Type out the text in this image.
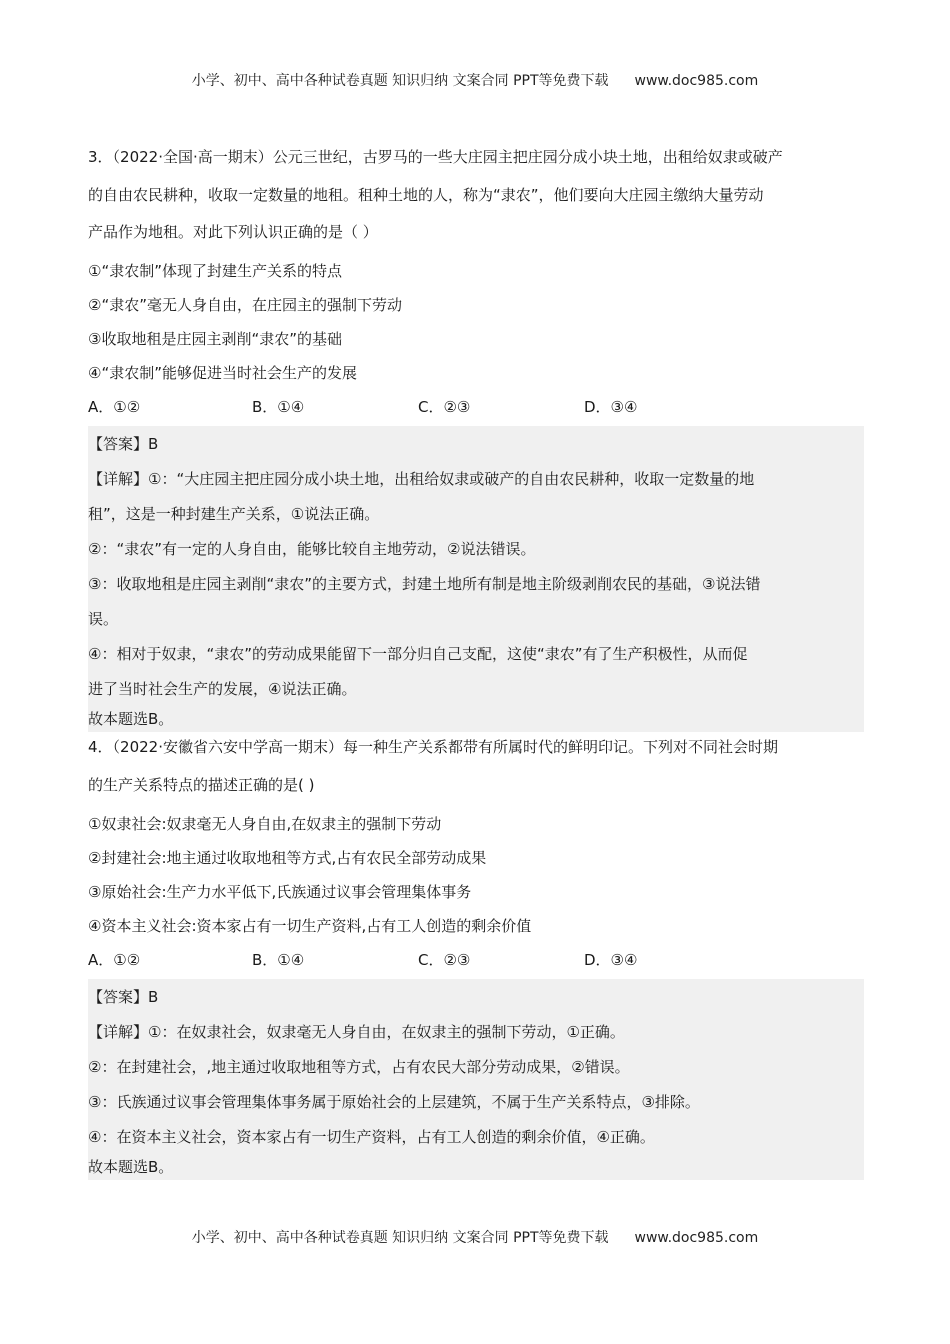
小学、初中、高中各种试卷真题 知识归纳 文案合同 PPT等免费下载 www.doc985.com
3．（2022·全国·高一期末）公元三世纪，古罗马的一些大庄园主把庄园分成小块土地，出租给奴隶或破产
的自由农民耕种，收取一定数量的地租。租种土地的人，称为“隶农”，他们要向大庄园主缴纳大量劳动
产品作为地租。对此下列认识正确的是（ ）
①“隶农制”体现了封建生产关系的特点
②“隶农”毫无人身自由，在庄园主的强制下劳动
③收取地租是庄园主剥削“隶农”的基础
④“隶农制”能够促进当时社会生产的发展
A．①②	B．①④	C．②③	D．③④
【答案】B
【详解】①：“大庄园主把庄园分成小块土地，出租给奴隶或破产的自由农民耕种，收取一定数量的地
租”，这是一种封建生产关系，①说法正确。
②：“隶农”有一定的人身自由，能够比较自主地劳动，②说法错误。
③：收取地租是庄园主剥削“隶农”的主要方式，封建土地所有制是地主阶级剥削农民的基础，③说法错
误。
④：相对于奴隶，“隶农”的劳动成果能留下一部分归自己支配，这使“隶农”有了生产积极性，从而促
进了当时社会生产的发展，④说法正确。
故本题选B。
4．（2022·安徽省六安中学高一期末）每一种生产关系都带有所属时代的鲜明印记。下列对不同社会时期
的生产关系特点的描述正确的是( )
①奴隶社会:奴隶毫无人身自由,在奴隶主的强制下劳动
②封建社会:地主通过收取地租等方式,占有农民全部劳动成果
③原始社会:生产力水平低下,氏族通过议事会管理集体事务
④资本主义社会:资本家占有一切生产资料,占有工人创造的剩余价值
A．①②	B．①④	C．②③	D．③④
【答案】B
【详解】①：在奴隶社会，奴隶毫无人身自由，在奴隶主的强制下劳动，①正确。
②：在封建社会，,地主通过收取地租等方式，占有农民大部分劳动成果，②错误。
③：氏族通过议事会管理集体事务属于原始社会的上层建筑，不属于生产关系特点，③排除。
④：在资本主义社会，资本家占有一切生产资料，占有工人创造的剩余价值，④正确。
故本题选B。
小学、初中、高中各种试卷真题 知识归纳 文案合同 PPT等免费下载 www.doc985.com
